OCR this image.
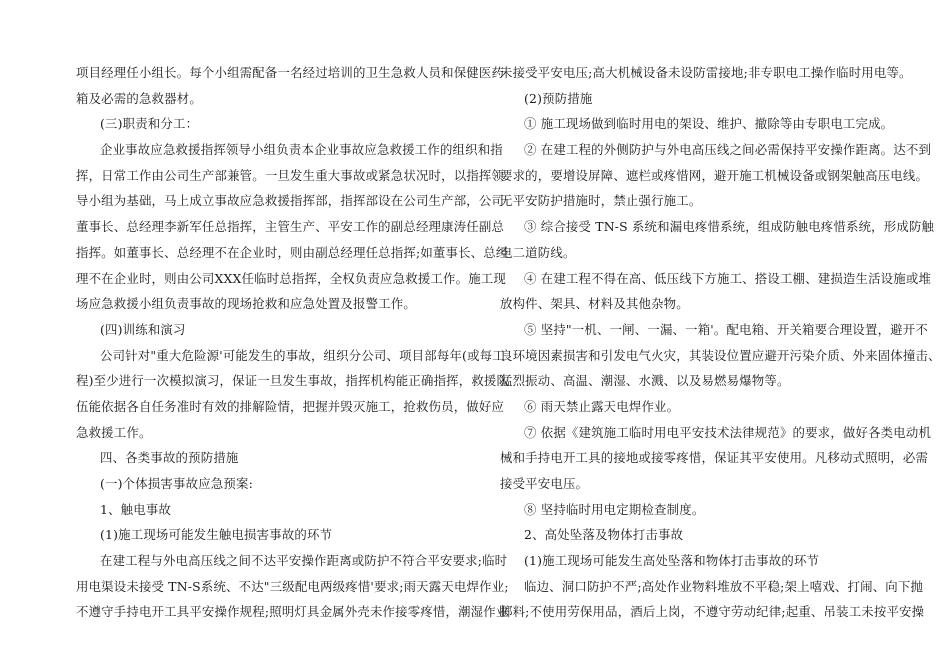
项目经理任小组长。每个小组需配备一名经过培训的卫生急救人员和保健医药
箱及必需的急救器材。
(三)职责和分工：
企业事故应急救援指挥领导小组负责本企业事故应急救援工作的组织和指
挥，日常工作由公司生产部兼管。一旦发生重大事故或紧急状况时，以指挥领
导小组为基础，马上成立事故应急救援指挥部，指挥部设在公司生产部，公司
董事长、总经理李新军任总指挥，主管生产、平安工作的副总经理康涛任副总
指挥。如董事长、总经理不在企业时，则由副总经理任总指挥;如董事长、总经
理不在企业时，则由公司XXX任临时总指挥，全权负责应急救援工作。施工现
场应急救援小组负责事故的现场抢救和应急处置及报警工作。
(四)训练和演习
公司针对"重大危险源'可能发生的事故，组织分公司、项目部每年(或每工
程)至少进行一次模拟演习，保证一旦发生事故，指挥机构能正确指挥，救援队
伍能依据各自任务准时有效的排解险情，把握并毁灭施工，抢救伤员，做好应
急救援工作。
四、各类事故的预防措施
(一)个体损害事故应急预案:
1、触电事故
(1)施工现场可能发生触电损害事故的环节
在建工程与外电高压线之间不达平安操作距离或防护不符合平安要求;临时
用电渠设未接受 TN-S系统、不达"三级配电两级疼惜'要求;雨天露天电焊作业;
不遵守手持电开工具平安操作规程;照明灯具金属外壳未作接零疼惜，潮湿作业
未接受平安电压;高大机械设备未设防雷接地;非专职电工操作临时用电等。
(2)预防措施
① 施工现场做到临时用电的架设、维护、撤除等由专职电工完成。
② 在建工程的外侧防护与外电高压线之间必需保持平安操作距离。达不到
要求的，要增设屏障、遮栏或疼惜网，避开施工机械设备或钢架触高压电线。
无平安防护措施时，禁止强行施工。
③ 综合接受 TN-S 系统和漏电疼惜系统，组成防触电疼惜系统，形成防触
电二道防线。
④ 在建工程不得在高、低压线下方施工、搭设工棚、建损造生活设施或堆
放构件、架具、材料及其他杂物。
⑤ 坚持"一机、一闸、一漏、一箱'。配电箱、开关箱要合理设置，避开不
良环境因素损害和引发电气火灾，其装设位置应避开污染介质、外来固体撞击、
猛烈振动、高温、潮湿、水溅、以及易燃易爆物等。
⑥ 雨天禁止露天电焊作业。
⑦ 依据《建筑施工临时用电平安技术法律规范》的要求，做好各类电动机
械和手持电开工具的接地或接零疼惜，保证其平安使用。凡移动式照明，必需
接受平安电压。
⑧ 坚持临时用电定期检查制度。
2、高处坠落及物体打击事故
(1)施工现场可能发生高处坠落和物体打击事故的环节
临边、洞口防护不严;高处作业物料堆放不平稳;架上嘻戏、打闹、向下抛
掷料;不使用劳保用品，酒后上岗，不遵守劳动纪律;起重、吊装工未按平安操
